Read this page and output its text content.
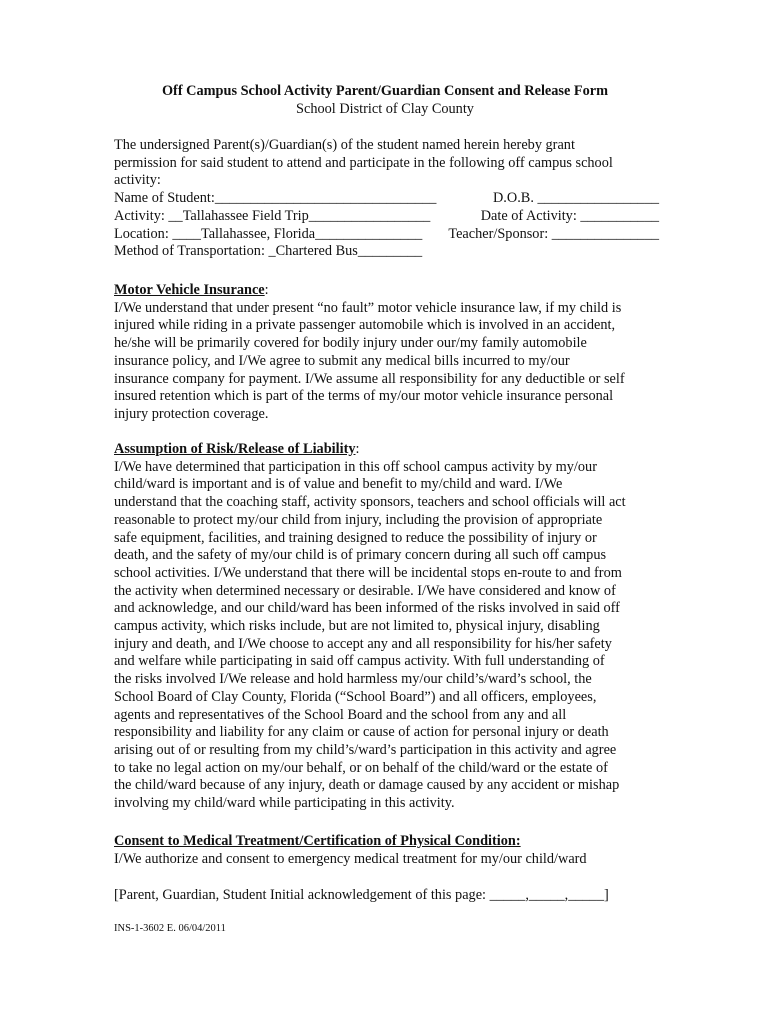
Off Campus School Activity Parent/Guardian Consent and Release Form
School District of Clay County
The undersigned Parent(s)/Guardian(s) of the student named herein hereby grant
permission for said student to attend and participate in the following off campus school
activity:
Name of Student:_______________________________	D.O.B. _________________
Activity: __Tallahassee Field Trip_________________	Date of Activity: ___________
Location: ____Tallahassee, Florida_______________ Teacher/Sponsor: _______________
Method of Transportation: _Chartered Bus_________
Motor Vehicle Insurance:
I/We understand that under present “no fault” motor vehicle insurance law, if my child is
injured while riding in a private passenger automobile which is involved in an accident,
he/she will be primarily covered for bodily injury under our/my family automobile
insurance policy, and I/We agree to submit any medical bills incurred to my/our
insurance company for payment. I/We assume all responsibility for any deductible or self
insured retention which is part of the terms of my/our motor vehicle insurance personal
injury protection coverage.
Assumption of Risk/Release of Liability:
I/We have determined that participation in this off school campus activity by my/our
child/ward is important and is of value and benefit to my/child and ward. I/We
understand that the coaching staff, activity sponsors, teachers and school officials will act
reasonable to protect my/our child from injury, including the provision of appropriate
safe equipment, facilities, and training designed to reduce the possibility of injury or
death, and the safety of my/our child is of primary concern during all such off campus
school activities. I/We understand that there will be incidental stops en-route to and from
the activity when determined necessary or desirable. I/We have considered and know of
and acknowledge, and our child/ward has been informed of the risks involved in said off
campus activity, which risks include, but are not limited to, physical injury, disabling
injury and death, and I/We choose to accept any and all responsibility for his/her safety
and welfare while participating in said off campus activity. With full understanding of
the risks involved I/We release and hold harmless my/our child’s/ward’s school, the
School Board of Clay County, Florida (“School Board”) and all officers, employees,
agents and representatives of the School Board and the school from any and all
responsibility and liability for any claim or cause of action for personal injury or death
arising out of or resulting from my child’s/ward’s participation in this activity and agree
to take no legal action on my/our behalf, or on behalf of the child/ward or the estate of
the child/ward because of any injury, death or damage caused by any accident or mishap
involving my child/ward while participating in this activity.
Consent to Medical Treatment/Certification of Physical Condition:
I/We authorize and consent to emergency medical treatment for my/our child/ward
[Parent, Guardian, Student Initial acknowledgement of this page: _____,_____,_____]
INS-1-3602 E. 06/04/2011
